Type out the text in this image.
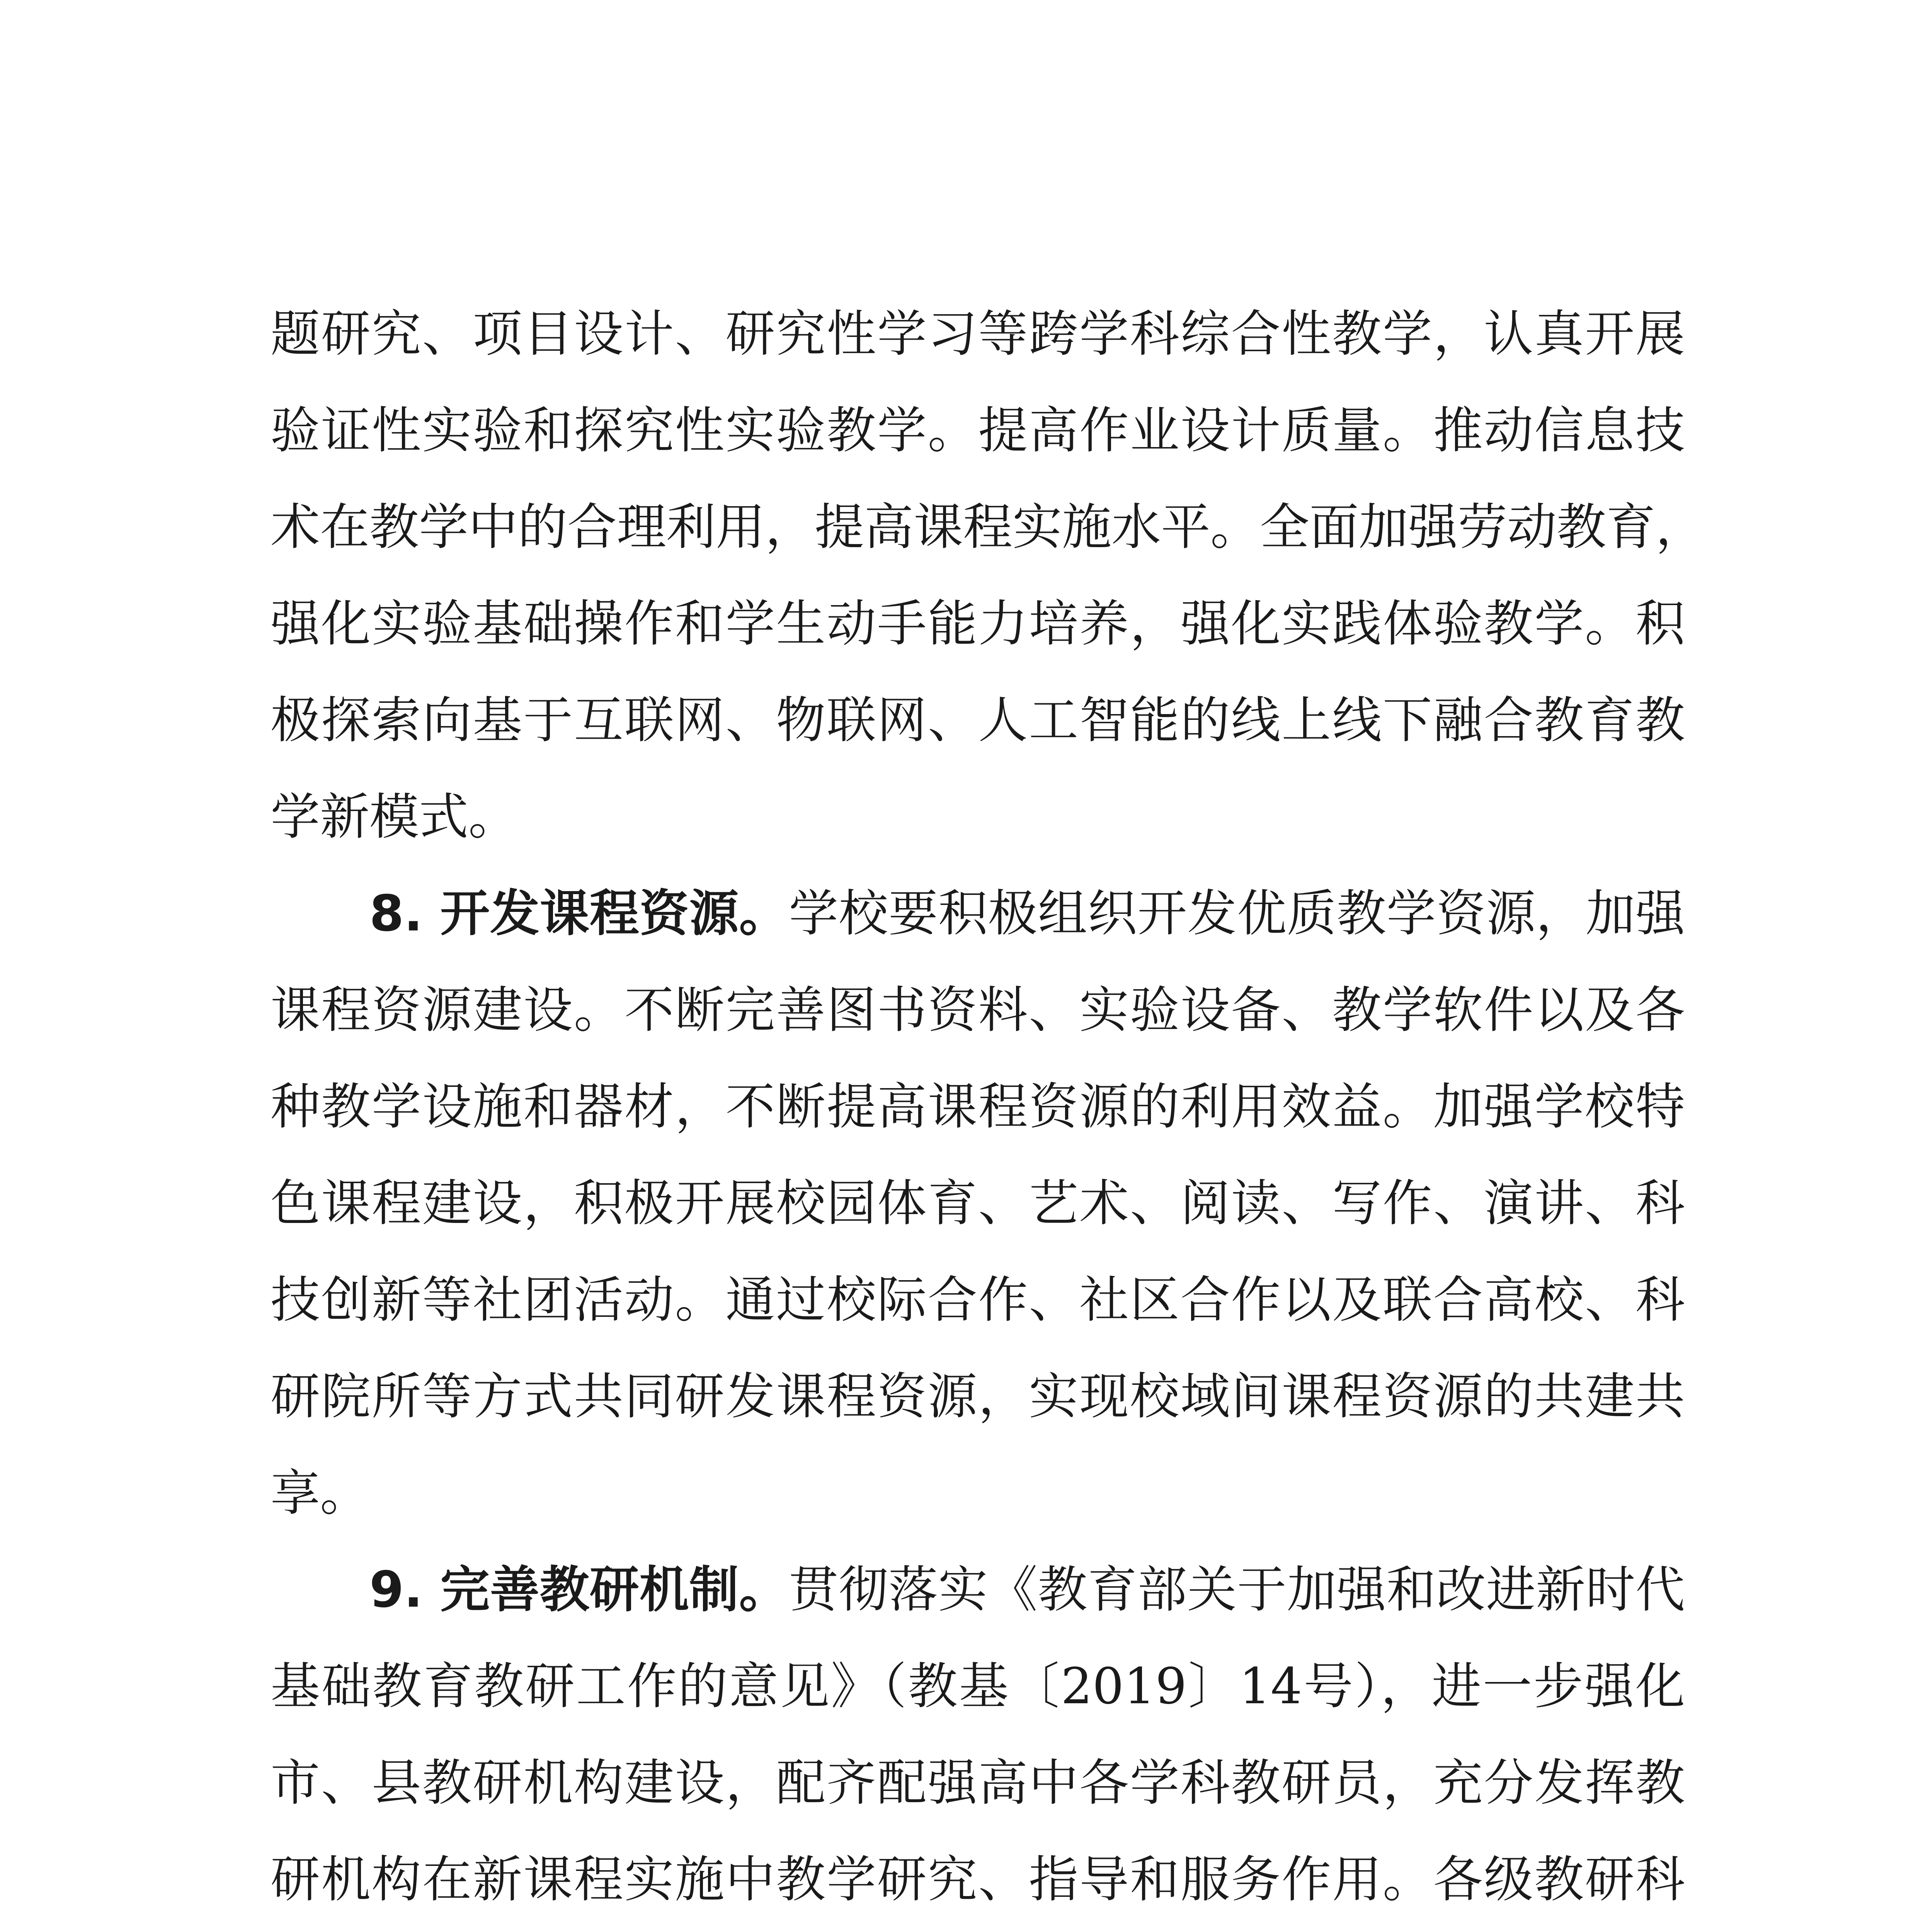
题研究、项目设计、研究性学习等跨学科综合性教学，认真开展
验证性实验和探究性实验教学。提高作业设计质量。推动信息技
术在教学中的合理利用，提高课程实施水平。全面加强劳动教育，
强化实验基础操作和学生动手能力培养，强化实践体验教学。积
极探索向基于互联网、物联网、人工智能的线上线下融合教育教
学新模式。
8. 开发课程资源。学校要积极组织开发优质教学资源，加强
课程资源建设。不断完善图书资料、实验设备、教学软件以及各
种教学设施和器材，不断提高课程资源的利用效益。加强学校特
色课程建设，积极开展校园体育、艺术、阅读、写作、演讲、科
技创新等社团活动。通过校际合作、社区合作以及联合高校、科
研院所等方式共同研发课程资源，实现校域间课程资源的共建共
享。
9. 完善教研机制。贯彻落实《教育部关于加强和改进新时代
基础教育教研工作的意见》（教基〔2019〕14号），进一步强化
市、县教研机构建设，配齐配强高中各学科教研员，充分发挥教
研机构在新课程实施中教学研究、指导和服务作用。各级教研科
